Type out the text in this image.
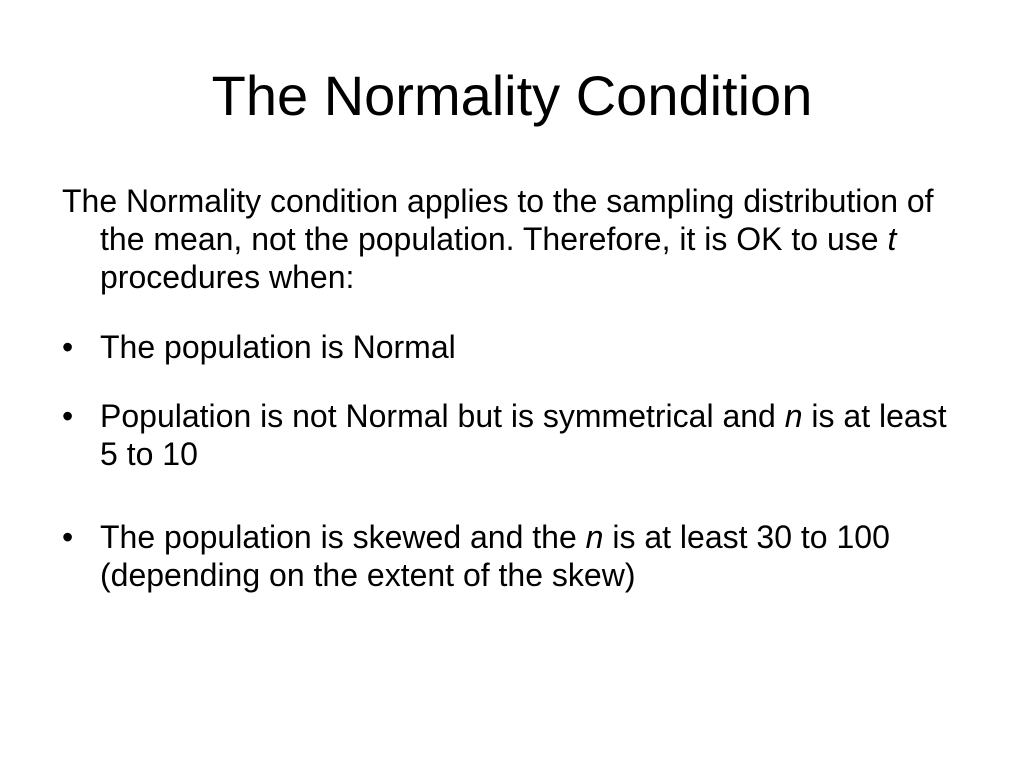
The Normality Condition

The Normality condition applies to the sampling distribution of the mean, not the population. Therefore, it is OK to use t procedures when:

• The population is Normal
• Population is not Normal but is symmetrical and n is at least 5 to 10
• The population is skewed and the n is at least 30 to 100 (depending on the extent of the skew)
